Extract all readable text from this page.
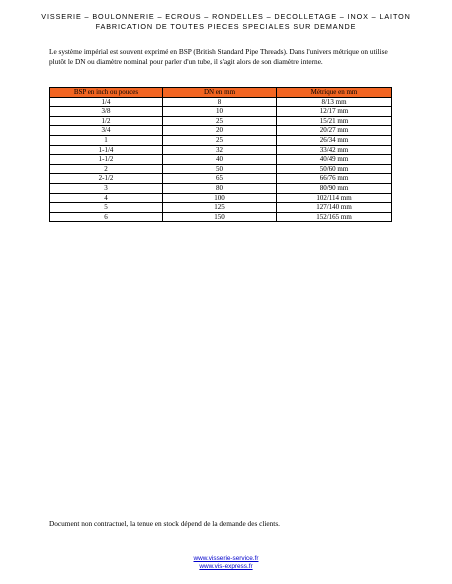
VISSERIE – BOULONNERIE – ECROUS – RONDELLES – DECOLLETAGE – INOX – LAITON
FABRICATION DE TOUTES PIECES SPECIALES SUR DEMANDE
Le système impérial est souvent exprimé en BSP (British Standard Pipe Threads). Dans l'univers métrique on utilise plutôt le DN ou diamètre nominal pour parler d'un tube, il s'agit alors de son diamètre interne.
BSP en inch ou pouces	DN en mm	Métrique en mm
1/4	8	8/13 mm
3/8	10	12/17 mm
1/2	25	15/21 mm
3/4	20	20/27 mm
1	25	26/34 mm
1-1/4	32	33/42 mm
1-1/2	40	40/49 mm
2	50	50/60 mm
2-1/2	65	66/76 mm
3	80	80/90 mm
4	100	102/114 mm
5	125	127/140 mm
6	150	152/165 mm
Document non contractuel, la tenue en stock dépend de la demande des clients.
www.visserie-service.fr
www.vis-express.fr
